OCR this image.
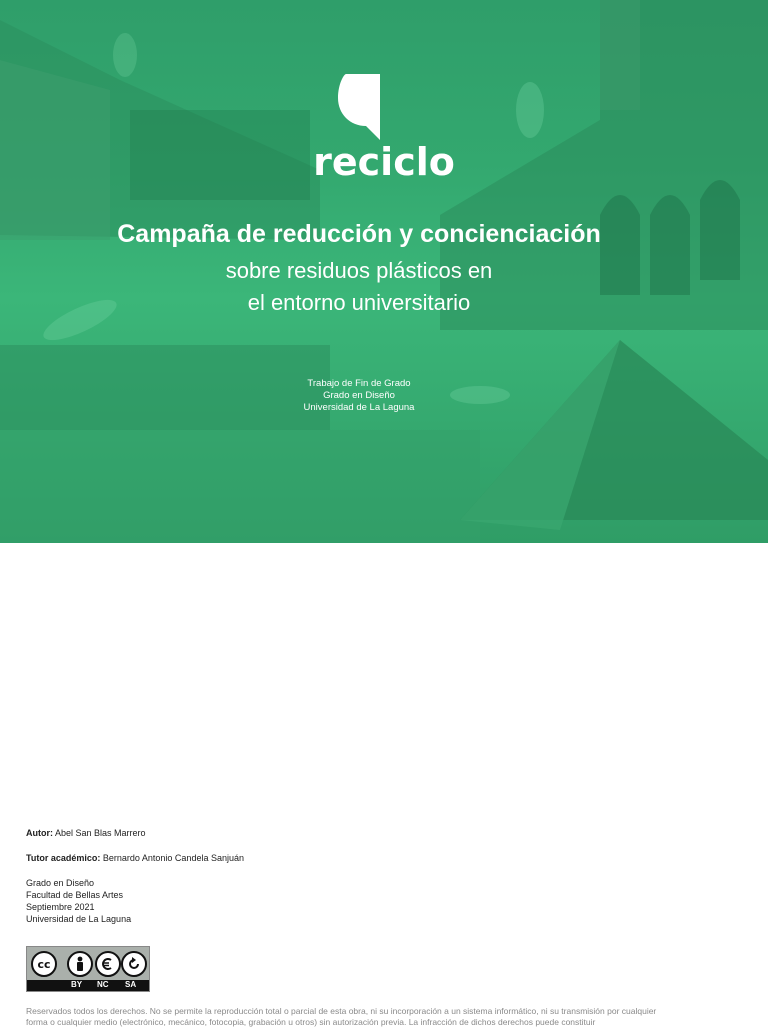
reciclo
Campaña de reducción y concienciación
sobre residuos plásticos en
el entorno universitario
Trabajo de Fin de Grado
Grado en Diseño
Universidad de La Laguna
Autor: Abel San Blas Marrero
Tutor académico: Bernardo Antonio Candela Sanjuán
Grado en Diseño
Facultad de Bellas Artes
Septiembre 2021
Universidad de La Laguna
cc
BY NC SA
Reservados todos los derechos. No se permite la reproducción total o parcial de esta obra, ni su incorporación a un sistema informático, ni su transmisión por cualquier forma o cualquier medio (electrónico, mecánico, fotocopia, grabación u otros) sin autorización previa. La infracción de dichos derechos puede constituir
